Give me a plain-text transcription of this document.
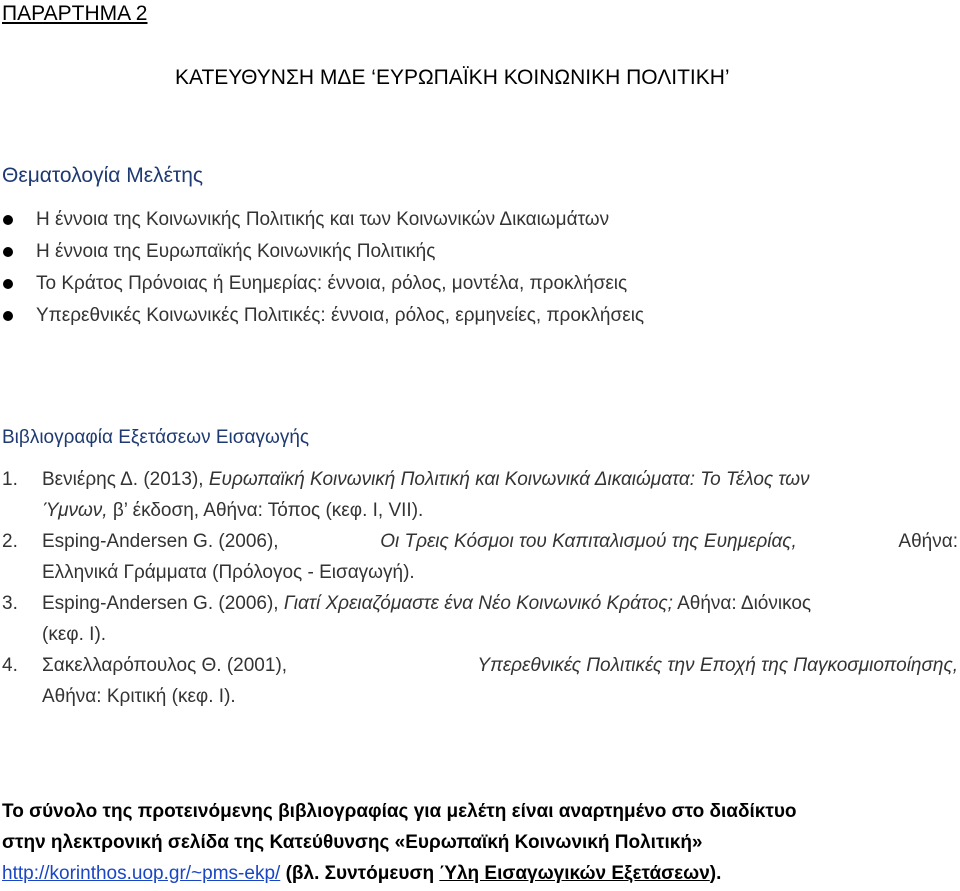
ΠΑΡΑΡΤΗΜΑ 2
ΚΑΤΕΥΘΥΝΣΗ ΜΔΕ ‘ΕΥΡΩΠΑΪΚΗ ΚΟΙΝΩΝΙΚΗ ΠΟΛΙΤΙΚΗ’
Θεματολογία Μελέτης
Η έννοια της Κοινωνικής Πολιτικής και των Κοινωνικών Δικαιωμάτων
Η έννοια της Ευρωπαϊκής Κοινωνικής Πολιτικής
Το Κράτος Πρόνοιας ή Ευημερίας: έννοια, ρόλος, μοντέλα, προκλήσεις
Υπερεθνικές Κοινωνικές Πολιτικές: έννοια, ρόλος, ερμηνείες, προκλήσεις
Βιβλιογραφία Εξετάσεων Εισαγωγής
1. Βενιέρης Δ. (2013), Ευρωπαϊκή Κοινωνική Πολιτική και Κοινωνικά Δικαιώματα: Το Τέλος των
Ύμνων, β’ έκδοση, Αθήνα: Τόπος (κεφ. I, VII).
2. Esping-Andersen G. (2006),	Οι Τρεις Κόσμοι του Καπιταλισμού της Ευημερίας,	Αθήνα:
Ελληνικά Γράμματα (Πρόλογος - Εισαγωγή).
3. Esping-Andersen G. (2006), Γιατί Χρειαζόμαστε ένα Νέο Κοινωνικό Κράτος; Αθήνα: Διόνικος
(κεφ. I).
4. Σακελλαρόπουλος Θ. (2001),	Υπερεθνικές Πολιτικές την Εποχή της Παγκοσμιοποίησης,
Αθήνα: Κριτική (κεφ. I).
Το σύνολο της προτεινόμενης βιβλιογραφίας για μελέτη είναι αναρτημένο στο διαδίκτυο
στην ηλεκτρονική σελίδα της Κατεύθυνσης «Ευρωπαϊκή Κοινωνική Πολιτική»
http://korinthos.uop.gr/~pms-ekp/ (βλ. Συντόμευση Ύλη Εισαγωγικών Εξετάσεων).
